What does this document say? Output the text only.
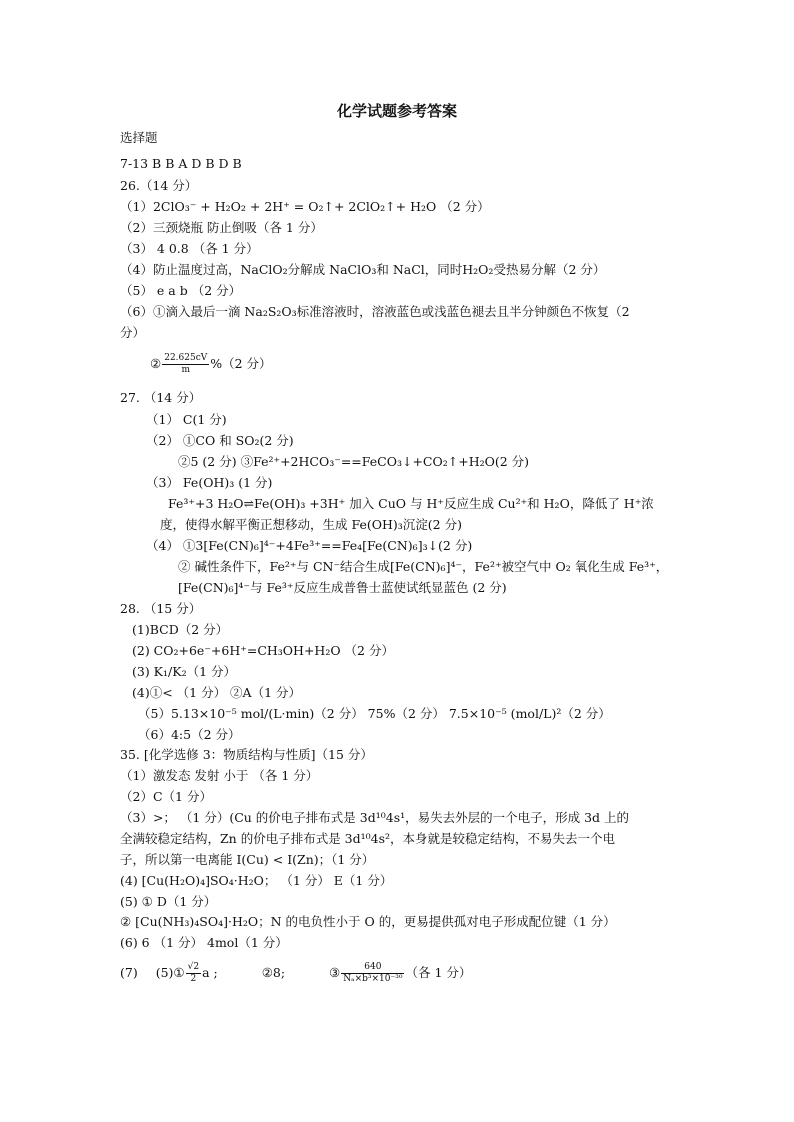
化学试题参考答案
选择题
7-13 B B A D B D B
26.（14 分）
（1）2ClO₃⁻ + H₂O₂ + 2H⁺ = O₂↑+ 2ClO₂↑+ H₂O （2 分）
（2）三颈烧瓶 防止倒吸（各 1 分）
（3） 4 0.8 （各 1 分）
（4）防止温度过高，NaClO₂分解成 NaClO₃和 NaCl，同时H₂O₂受热易分解（2 分）
（5） e a b （2 分）
（6）①滴入最后一滴 Na₂S₂O₃标准溶液时，溶液蓝色或浅蓝色褪去且半分钟颜色不恢复（2
分）
27. （14 分）
（1） C(1 分)
（2） ①CO 和 SO₂(2 分)
②5 (2 分) ③Fe²⁺+2HCO₃⁻==FeCO₃↓+CO₂↑+H₂O(2 分)
（3） Fe(OH)₃ (1 分)
Fe³⁺+3 H₂O⇌Fe(OH)₃ +3H⁺ 加入 CuO 与 H⁺反应生成 Cu²⁺和 H₂O，降低了 H⁺浓
度，使得水解平衡正想移动，生成 Fe(OH)₃沉淀(2 分)
（4） ①3[Fe(CN)₆]⁴⁻+4Fe³⁺==Fe₄[Fe(CN)₆]₃↓(2 分)
② 碱性条件下，Fe²⁺与 CN⁻结合生成[Fe(CN)₆]⁴⁻，Fe²⁺被空气中 O₂ 氧化生成 Fe³⁺，
[Fe(CN)₆]⁴⁻与 Fe³⁺反应生成普鲁士蓝使试纸显蓝色 (2 分)
28. （15 分）
(1)BCD（2 分）
(2) CO₂+6e⁻+6H⁺=CH₃OH+H₂O （2 分）
(3) K₁/K₂（1 分）
(4)①< （1 分） ②A（1 分）
（5）5.13×10⁻⁵ mol/(L·min)（2 分） 75%（2 分） 7.5×10⁻⁵ (mol/L)²（2 分）
（6）4:5（2 分）
35. [化学选修 3：物质结构与性质]（15 分）
（1）激发态 发射 小于 （各 1 分）
（2）C（1 分）
（3）>； （1 分）(Cu 的价电子排布式是 3d¹⁰4s¹，易失去外层的一个电子，形成 3d 上的
全满较稳定结构，Zn 的价电子排布式是 3d¹⁰4s²，本身就是较稳定结构，不易失去一个电
子，所以第一电离能 I(Cu) < I(Zn)；（1 分）
(4) [Cu(H₂O)₄]SO₄·H₂O； （1 分） E（1 分）
(5) ① D（1 分）
② [Cu(NH₃)₄SO₄]·H₂O；N 的电负性小于 O 的，更易提供孤对电子形成配位键（1 分）
(6) 6 （1 分） 4mol（1 分）
② $\frac{22.625cV}{m} \%(2$ 分）
(7) (5)① $\frac{√2}{2}$ a ;	②8;	③ $\frac{640}{\text{Nₐ×b³×10⁻³⁰}}$ （各 1 分）
